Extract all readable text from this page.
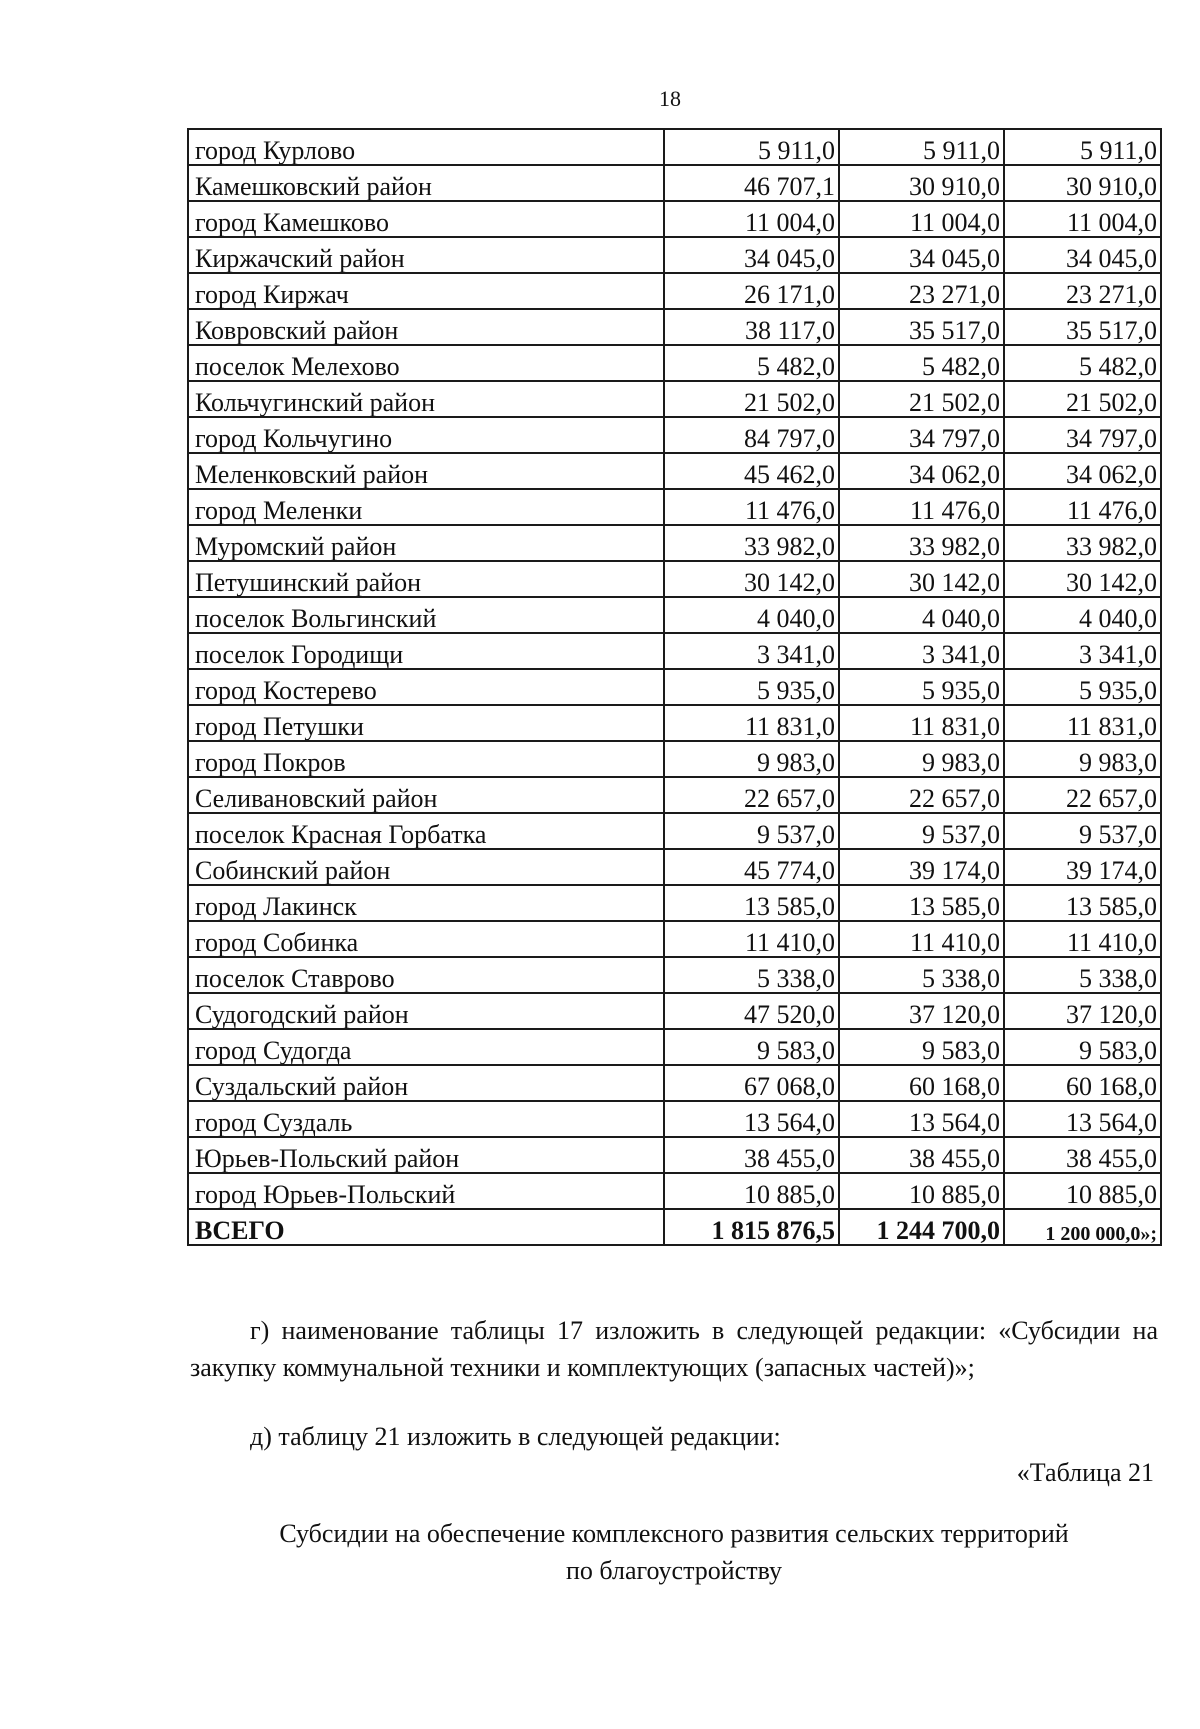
18
город Курлово	5 911,0	5 911,0	5 911,0
Камешковский район	46 707,1	30 910,0	30 910,0
город Камешково	11 004,0	11 004,0	11 004,0
Киржачский район	34 045,0	34 045,0	34 045,0
город Киржач	26 171,0	23 271,0	23 271,0
Ковровский район	38 117,0	35 517,0	35 517,0
поселок Мелехово	5 482,0	5 482,0	5 482,0
Кольчугинский район	21 502,0	21 502,0	21 502,0
город Кольчугино	84 797,0	34 797,0	34 797,0
Меленковский район	45 462,0	34 062,0	34 062,0
город Меленки	11 476,0	11 476,0	11 476,0
Муромский район	33 982,0	33 982,0	33 982,0
Петушинский район	30 142,0	30 142,0	30 142,0
поселок Вольгинский	4 040,0	4 040,0	4 040,0
поселок Городищи	3 341,0	3 341,0	3 341,0
город Костерево	5 935,0	5 935,0	5 935,0
город Петушки	11 831,0	11 831,0	11 831,0
город Покров	9 983,0	9 983,0	9 983,0
Селивановский район	22 657,0	22 657,0	22 657,0
поселок Красная Горбатка	9 537,0	9 537,0	9 537,0
Собинский район	45 774,0	39 174,0	39 174,0
город Лакинск	13 585,0	13 585,0	13 585,0
город Собинка	11 410,0	11 410,0	11 410,0
поселок Ставрово	5 338,0	5 338,0	5 338,0
Судогодский район	47 520,0	37 120,0	37 120,0
город Судогда	9 583,0	9 583,0	9 583,0
Суздальский район	67 068,0	60 168,0	60 168,0
город Суздаль	13 564,0	13 564,0	13 564,0
Юрьев-Польский район	38 455,0	38 455,0	38 455,0
город Юрьев-Польский	10 885,0	10 885,0	10 885,0
ВСЕГО	1 815 876,5	1 244 700,0	1 200 000,0»;
г) наименование таблицы 17 изложить в следующей редакции: «Субсидии на закупку коммунальной техники и комплектующих (запасных частей)»;
д) таблицу 21 изложить в следующей редакции:
«Таблица 21
Субсидии на обеспечение комплексного развития сельских территорий
по благоустройству
